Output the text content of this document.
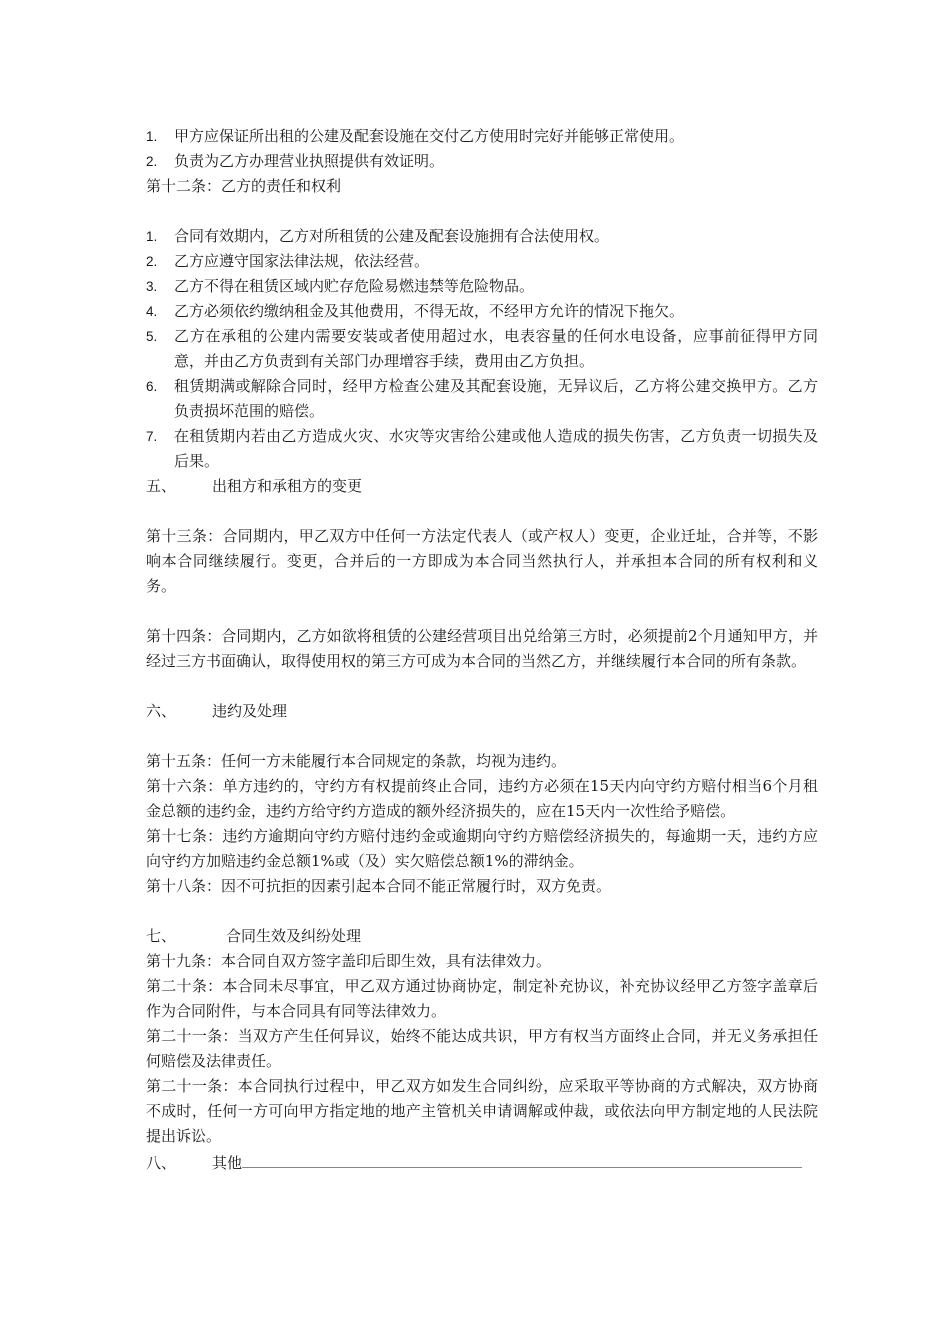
1. 甲方应保证所出租的公建及配套设施在交付乙方使用时完好并能够正常使用。
2. 负责为乙方办理营业执照提供有效证明。

第十二条：乙方的责任和权利

1. 合同有效期内，乙方对所租赁的公建及配套设施拥有合法使用权。
2. 乙方应遵守国家法律法规，依法经营。
3. 乙方不得在租赁区域内贮存危险易燃违禁等危险物品。
4. 乙方必须依约缴纳租金及其他费用，不得无故，不经甲方允许的情况下拖欠。
5. 乙方在承租的公建内需要安装或者使用超过水，电表容量的任何水电设备，应事前征得甲方同意，并由乙方负责到有关部门办理增容手续，费用由乙方负担。
6. 租赁期满或解除合同时，经甲方检查公建及其配套设施，无异议后，乙方将公建交换甲方。乙方负责损坏范围的赔偿。
7. 在租赁期内若由乙方造成火灾、水灾等灾害给公建或他人造成的损失伤害，乙方负责一切损失及后果。

五、 出租方和承租方的变更

第十三条：合同期内，甲乙双方中任何一方法定代表人（或产权人）变更，企业迁址，合并等，不影响本合同继续履行。变更，合并后的一方即成为本合同当然执行人，并承担本合同的所有权利和义务。

第十四条：合同期内，乙方如欲将租赁的公建经营项目出兑给第三方时，必须提前2个月通知甲方，并经过三方书面确认，取得使用权的第三方可成为本合同的当然乙方，并继续履行本合同的所有条款。

六、 违约及处理

第十五条：任何一方未能履行本合同规定的条款，均视为违约。

第十六条：单方违约的，守约方有权提前终止合同，违约方必须在15天内向守约方赔付相当6个月租金总额的违约金，违约方给守约方造成的额外经济损失的，应在15天内一次性给予赔偿。

第十七条：违约方逾期向守约方赔付违约金或逾期向守约方赔偿经济损失的，每逾期一天，违约方应向守约方加赔违约金总额1%或（及）实欠赔偿总额1%的滞纳金。

第十八条：因不可抗拒的因素引起本合同不能正常履行时，双方免责。

七、	合同生效及纠纷处理

第十九条：本合同自双方签字盖印后即生效，具有法律效力。

第二十条：本合同未尽事宜，甲乙双方通过协商协定，制定补充协议，补充协议经甲乙方签字盖章后作为合同附件，与本合同具有同等法律效力。

第二十一条：当双方产生任何异议，始终不能达成共识，甲方有权当方面终止合同，并无义务承担任何赔偿及法律责任。

第二十一条：本合同执行过程中，甲乙双方如发生合同纠纷，应采取平等协商的方式解决，双方协商不成时，任何一方可向甲方指定地的地产主管机关申请调解或仲裁，或依法向甲方制定地的人民法院提出诉讼。

八、 其他
